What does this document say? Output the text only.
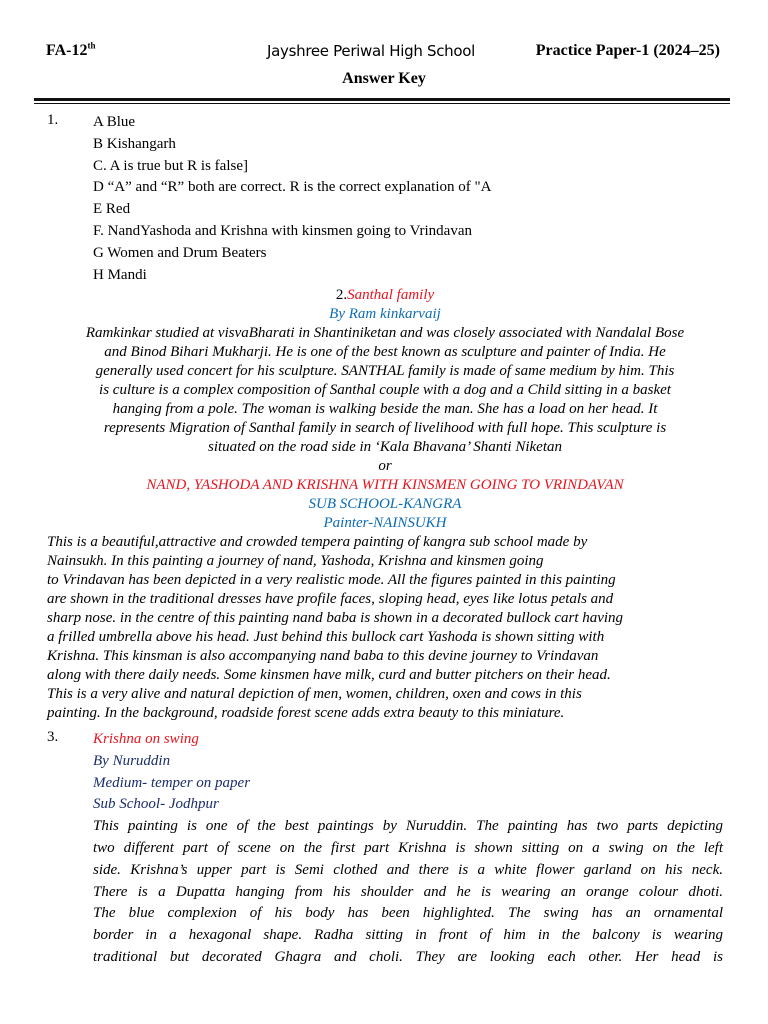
FA-12th	Jayshree Periwal High School	Practice Paper-1 (2024–25)
Answer Key
1. A Blue
B Kishangarh
C. A is true but R is false]
D “A” and “R” both are correct. R is the correct explanation of "A
E Red
F. NandYashoda and Krishna with kinsmen going to Vrindavan
G Women and Drum Beaters
H Mandi
2.Santhal family
By Ram kinkarvaij

Ramkinkar studied at visvaBharati in Shantiniketan and was closely associated with Nandalal Bose
and Binod Bihari Mukharji. He is one of the best known as sculpture and painter of India. He
generally used concert for his sculpture. SANTHAL family is made of same medium by him. This
is culture is a complex composition of Santhal couple with a dog and a Child sitting in a basket
hanging from a pole. The woman is walking beside the man. She has a load on her head. It
represents Migration of Santhal family in search of livelihood with full hope. This sculpture is
situated on the road side in ‘Kala Bhavana’ Shanti Niketan

or
NAND, YASHODA AND KRISHNA WITH KINSMEN GOING TO VRINDAVAN
SUB SCHOOL-KANGRA
Painter-NAINSUKH

This is a beautiful,attractive and crowded tempera painting of kangra sub school made by
Nainsukh. In this painting a journey of nand, Yashoda, Krishna and kinsmen going
to Vrindavan has been depicted in a very realistic mode. All the figures painted in this painting
are shown in the traditional dresses have profile faces, sloping head, eyes like lotus petals and
sharp nose. in the centre of this painting nand baba is shown in a decorated bullock cart having
a frilled umbrella above his head. Just behind this bullock cart Yashoda is shown sitting with
Krishna. This kinsman is also accompanying nand baba to this devine journey to Vrindavan
along with there daily needs. Some kinsmen have milk, curd and butter pitchers on their head.
This is a very alive and natural depiction of men, women, children, oxen and cows in this
painting. In the background, roadside forest scene adds extra beauty to this miniature.

3. Krishna on swing
By Nuruddin
Medium- temper on paper
Sub School- Jodhpur
This painting is one of the best paintings by Nuruddin. The painting has two parts depicting
two different part of scene on the first part Krishna is shown sitting on a swing on the left
side. Krishna’s upper part is Semi clothed and there is a white flower garland on his neck.
There is a Dupatta hanging from his shoulder and he is wearing an orange colour dhoti.
The blue complexion of his body has been highlighted. The swing has an ornamental
border in a hexagonal shape. Radha sitting in front of him in the balcony is wearing
traditional but decorated Ghagra and choli. They are looking each other. Her head is
